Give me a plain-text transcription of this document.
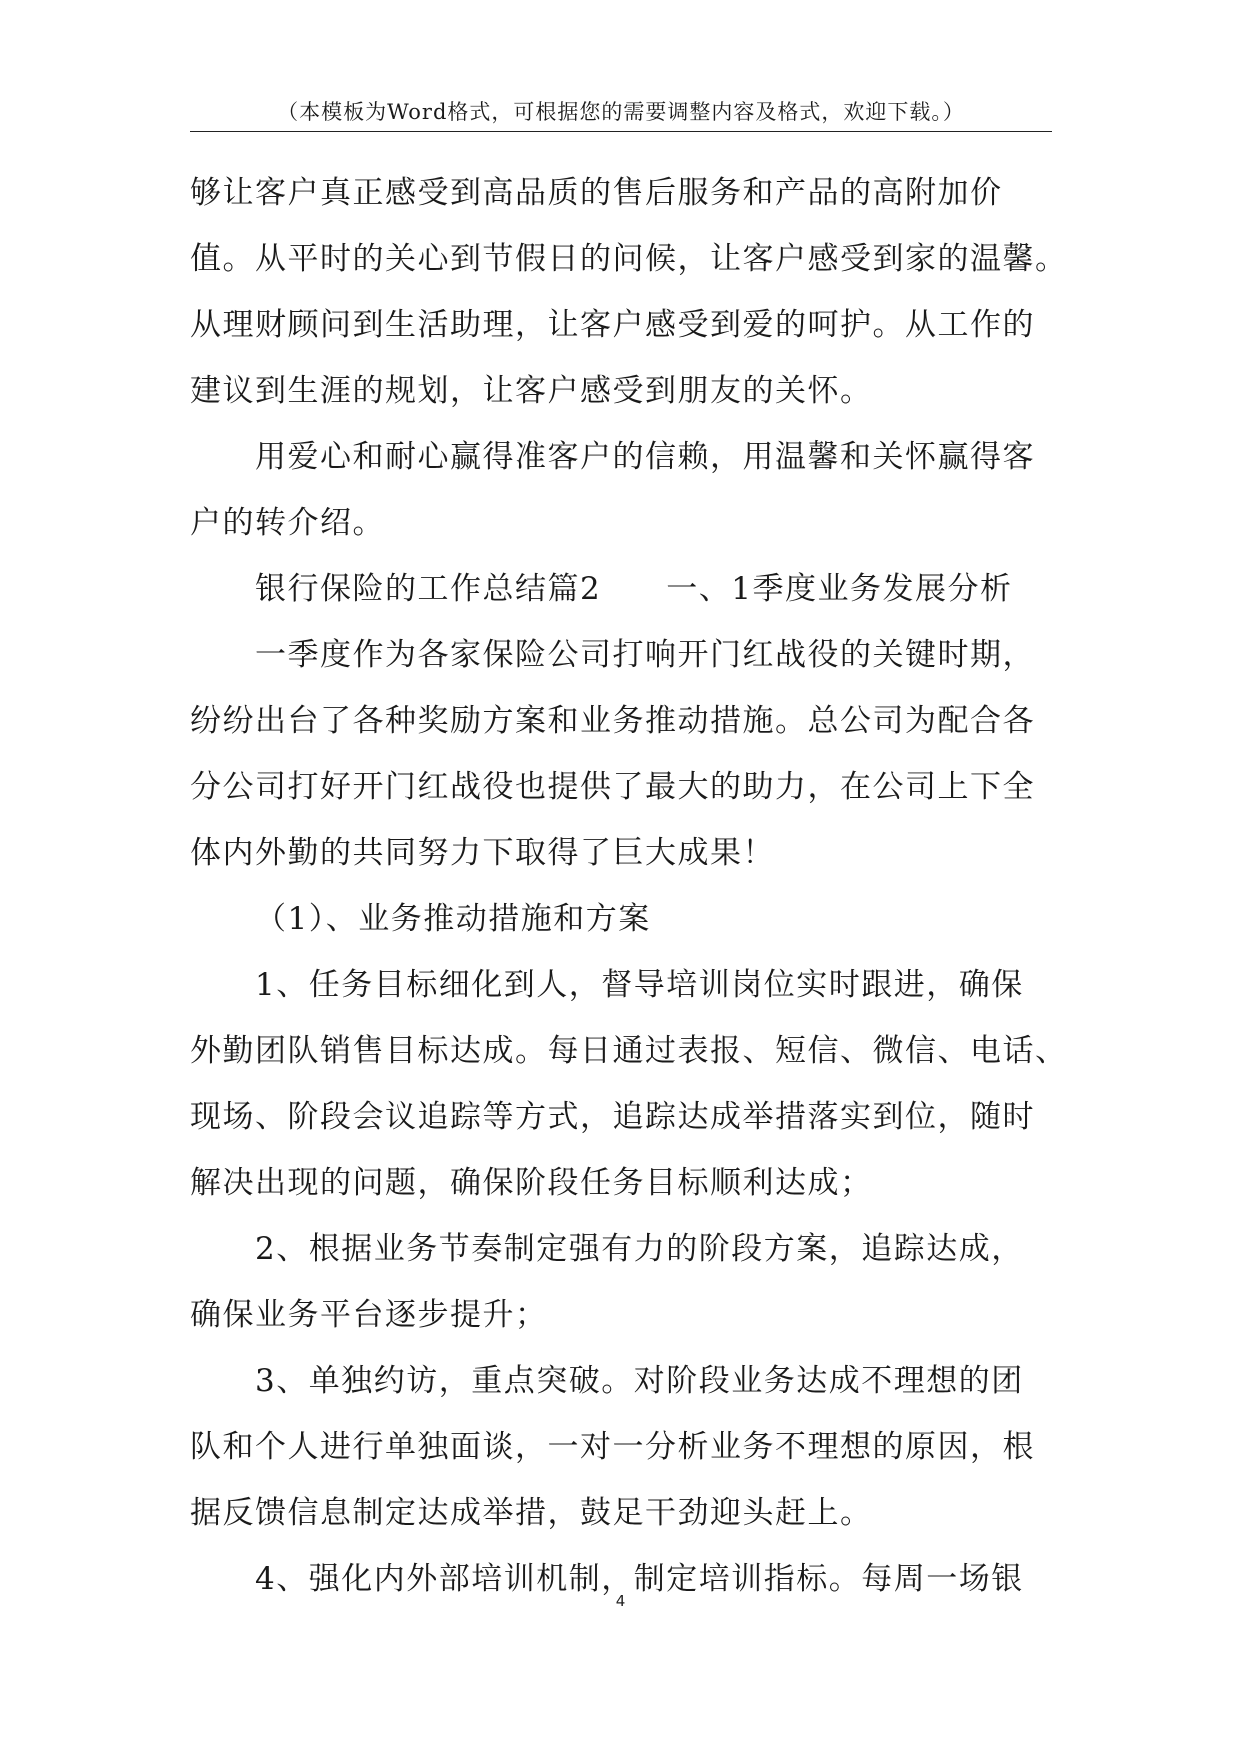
（本模板为Word格式，可根据您的需要调整内容及格式，欢迎下载。）
够让客户真正感受到高品质的售后服务和产品的高附加价
值。从平时的关心到节假日的问候，让客户感受到家的温馨。
从理财顾问到生活助理，让客户感受到爱的呵护。从工作的
建议到生涯的规划，让客户感受到朋友的关怀。
用爱心和耐心赢得准客户的信赖，用温馨和关怀赢得客
户的转介绍。
银行保险的工作总结篇2　　一、1季度业务发展分析
一季度作为各家保险公司打响开门红战役的关键时期，
纷纷出台了各种奖励方案和业务推动措施。总公司为配合各
分公司打好开门红战役也提供了最大的助力，在公司上下全
体内外勤的共同努力下取得了巨大成果！
（1）、业务推动措施和方案
1、任务目标细化到人，督导培训岗位实时跟进，确保
外勤团队销售目标达成。每日通过表报、短信、微信、电话、
现场、阶段会议追踪等方式，追踪达成举措落实到位，随时
解决出现的问题，确保阶段任务目标顺利达成；
2、根据业务节奏制定强有力的阶段方案，追踪达成，
确保业务平台逐步提升；
3、单独约访，重点突破。对阶段业务达成不理想的团
队和个人进行单独面谈，一对一分析业务不理想的原因，根
据反馈信息制定达成举措，鼓足干劲迎头赶上。
4、强化内外部培训机制，制定培训指标。每周一场银
4
